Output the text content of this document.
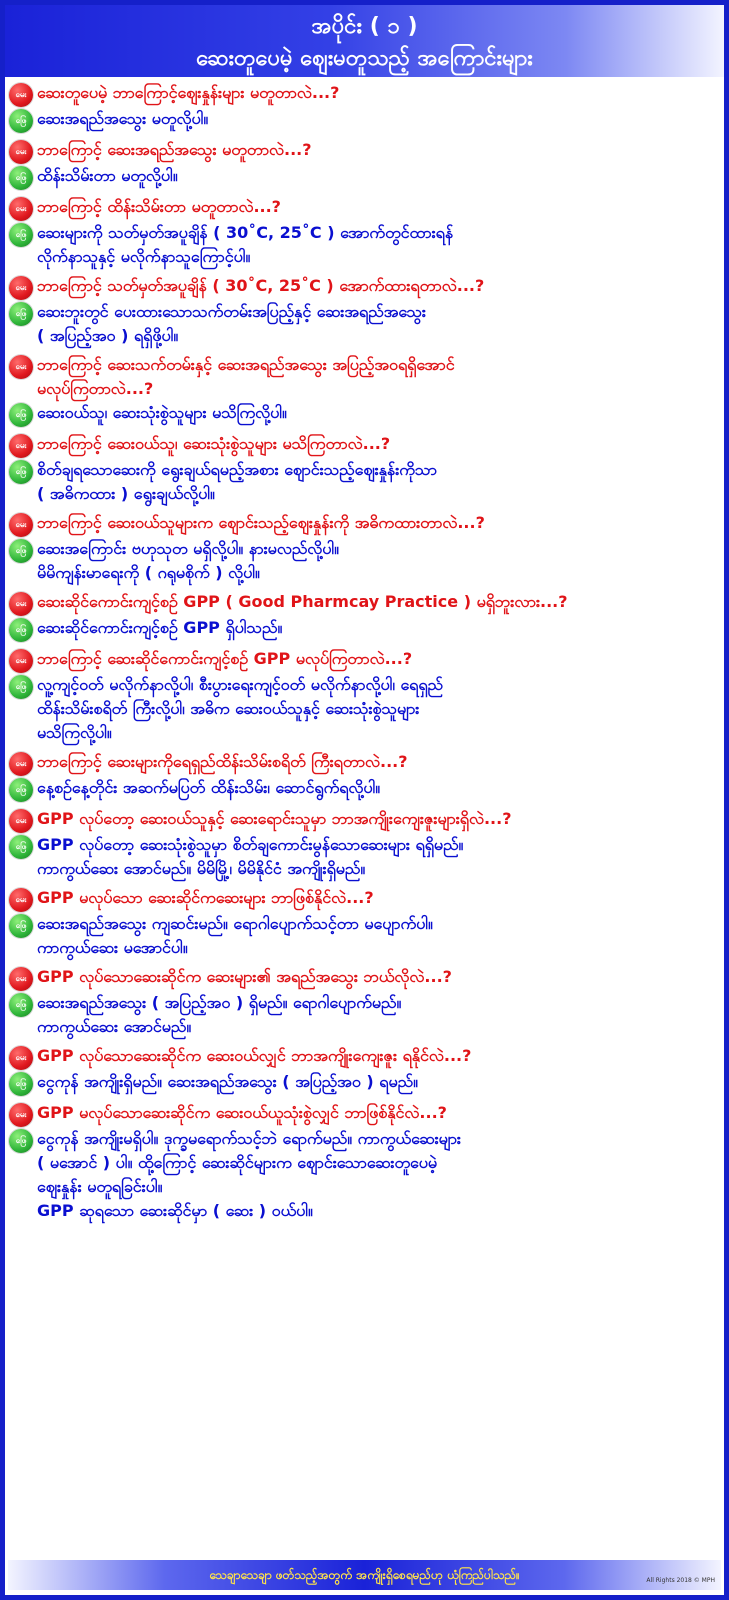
အပိုင်း ( ၁ )
ဆေးတူပေမဲ့ ဈေးမတူသည့် အကြောင်းများ
မေး ဆေးတူပေမဲ့ ဘာကြောင့်ဈေးနှုန်းများ မတူတာလဲ...?
ဖြေ ဆေးအရည်အသွေး မတူလို့ပါ။
မေး ဘာကြောင့် ဆေးအရည်အသွေး မတူတာလဲ...?
ဖြေ ထိန်းသိမ်းတာ မတူလို့ပါ။
မေး ဘာကြောင့် ထိန်းသိမ်းတာ မတူတာလဲ...?
ဖြေ ဆေးများကို သတ်မှတ်အပူချိန် ( 30˚C, 25˚C ) အောက်တွင်ထားရန်
လိုက်နာသူနှင့် မလိုက်နာသူကြောင့်ပါ။
မေး ဘာကြောင့် သတ်မှတ်အပူချိန် ( 30˚C, 25˚C ) အောက်ထားရတာလဲ...?
ဖြေ ဆေးဘူးတွင် ပေးထားသောသက်တမ်းအပြည့်နှင့် ဆေးအရည်အသွေး
( အပြည့်အဝ ) ရရှိဖို့ပါ။
မေး ဘာကြောင့် ဆေးသက်တမ်းနှင့် ဆေးအရည်အသွေး အပြည့်အဝရရှိအောင်
မလုပ်ကြတာလဲ...?
ဖြေ ဆေးဝယ်သူ၊ ဆေးသုံးစွဲသူများ မသိကြလို့ပါ။
မေး ဘာကြောင့် ဆေးဝယ်သူ၊ ဆေးသုံးစွဲသူများ မသိကြတာလဲ...?
ဖြေ စိတ်ချရသောဆေးကို ရွေးချယ်ရမည့်အစား ဈောင်းသည့်ဈေးနှုန်းကိုသာ
( အဓိကထား ) ရွေးချယ်လို့ပါ။
မေး ဘာကြောင့် ဆေးဝယ်သူများက ဈောင်းသည့်ဈေးနှုန်းကို အဓိကထားတာလဲ...?
ဖြေ ဆေးအကြောင်း ဗဟုသုတ မရှိလို့ပါ။ နားမလည်လို့ပါ။
မိမိကျန်းမာရေးကို ( ဂရုမစိုက် ) လို့ပါ။
မေး ဆေးဆိုင်ကောင်းကျင့်စဉ် GPP ( Good Pharmcay Practice ) မရှိဘူးလား...?
ဖြေ ဆေးဆိုင်ကောင်းကျင့်စဉ် GPP ရှိပါသည်။
မေး ဘာကြောင့် ဆေးဆိုင်ကောင်းကျင့်စဉ် GPP မလုပ်ကြတာလဲ...?
ဖြေ လူ့ကျင့်ဝတ် မလိုက်နာလို့ပါ၊ စီးပွားရေးကျင့်ဝတ် မလိုက်နာလို့ပါ၊ ရေရှည်
ထိန်းသိမ်းစရိတ် ကြီးလို့ပါ၊ အဓိက ဆေးဝယ်သူနှင့် ဆေးသုံးစွဲသူများ
မသိကြလို့ပါ။
မေး ဘာကြောင့် ဆေးများကိုရေရှည်ထိန်းသိမ်းစရိတ် ကြီးရတာလဲ...?
ဖြေ နေ့စဉ်နေ့တိုင်း အဆက်မပြတ် ထိန်းသိမ်း၊ ဆောင်ရွက်ရလို့ပါ။
မေး GPP လုပ်တော့ ဆေးဝယ်သူနှင့် ဆေးရောင်းသူမှာ ဘာအကျိုးကျေးဇူးများရှိလဲ...?
ဖြေ GPP လုပ်တော့ ဆေးသုံးစွဲသူမှာ စိတ်ချကောင်းမွန်သောဆေးများ ရရှိမည်။
ကာကွယ်ဆေး အောင်မည်။ မိမိမြို့၊ မိမိနိုင်ငံ အကျိုးရှိမည်။
မေး GPP မလုပ်သော ဆေးဆိုင်ကဆေးများ ဘာဖြစ်နိုင်လဲ...?
ဖြေ ဆေးအရည်အသွေး ကျဆင်းမည်။ ရောဂါပျောက်သင့်တာ မပျောက်ပါ။
ကာကွယ်ဆေး မအောင်ပါ။
မေး GPP လုပ်သောဆေးဆိုင်က ဆေးများ၏ အရည်အသွေး ဘယ်လိုလဲ...?
ဖြေ ဆေးအရည်အသွေး ( အပြည့်အဝ ) ရှိမည်။ ရောဂါပျောက်မည်။
ကာကွယ်ဆေး အောင်မည်။
မေး GPP လုပ်သောဆေးဆိုင်က ဆေးဝယ်လျှင် ဘာအကျိုးကျေးဇူး ရနိုင်လဲ...?
ဖြေ ငွေကုန် အကျိုးရှိမည်။ ဆေးအရည်အသွေး ( အပြည့်အဝ ) ရမည်။
မေး GPP မလုပ်သောဆေးဆိုင်က ဆေးဝယ်ယူသုံးစွဲလျှင် ဘာဖြစ်နိုင်လဲ...?
ဖြေ ငွေကုန် အကျိုးမရှိပါ။ ဒုက္ခမရောက်သင့်ဘဲ ရောက်မည်။ ကာကွယ်ဆေးများ
( မအောင် ) ပါ။ ထို့ကြောင့် ဆေးဆိုင်များက ဈောင်းသောဆေးတူပေမဲ့
ဈေးနှုန်း မတူရခြင်းပါ။
GPP ဆုရသော ဆေးဆိုင်မှာ ( ဆေး ) ဝယ်ပါ။
သေချာသေချာ ဖတ်သည့်အတွက် အကျိုးရှိစေရမည်ဟု ယုံကြည်ပါသည်။	All Rights 2018 © MPH
